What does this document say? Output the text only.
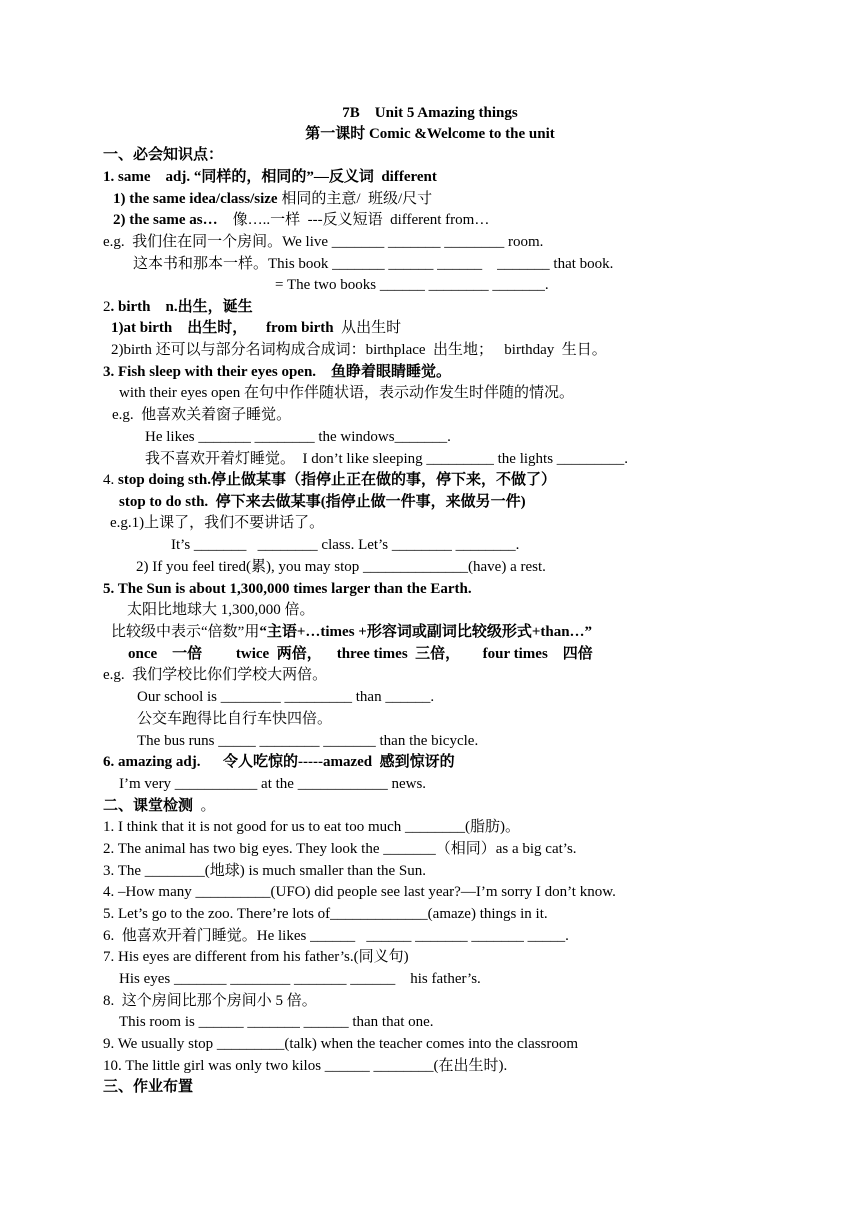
7B    Unit 5 Amazing things
第一课时 Comic &Welcome to the unit
一、必会知识点：
1. same    adj. “同样的，相同的”—反义词  different
1) the same idea/class/size 相同的主意/  班级/尺寸
2) the same as…    像…..一样  ---反义短语  different from…
e.g.  我们住在同一个房间。We live _______ _______ ________ room.
这本书和那本一样。This book _______ ______ ______    _______ that book.
= The two books ______ ________ _______.
2. birth    n.出生，诞生
1)at birth    出生时，     from birth  从出生时
2)birth 还可以与部分名词构成合成词：birthplace  出生地；   birthday  生日。
3. Fish sleep with their eyes open.    鱼睁着眼睛睡觉。
with their eyes open 在句中作伴随状语，表示动作发生时伴随的情况。
e.g.  他喜欢关着窗子睡觉。
He likes _______ ________ the windows_______.
我不喜欢开着灯睡觉。  I don’t like sleeping _________ the lights _________.
4. stop doing sth.停止做某事（指停止正在做的事，停下来，不做了）
stop to do sth.  停下来去做某事(指停止做一件事，来做另一件)
e.g.1)上课了，我们不要讲话了。
It’s _______   ________ class. Let’s ________ ________.
2) If you feel tired(累), you may stop ______________(have) a rest.
5. The Sun is about 1,300,000 times larger than the Earth.
太阳比地球大 1,300,000 倍。
比较级中表示“倍数”用“主语+…times +形容词或副词比较级形式+than…”
once    一倍         twice  两倍，    three times  三倍，      four times    四倍
e.g.  我们学校比你们学校大两倍。
Our school is ________ _________ than ______.
公交车跑得比自行车快四倍。
The bus runs _____ ________ _______ than the bicycle.
6. amazing adj.      令人吃惊的-----amazed  感到惊讶的
I’m very ___________ at the ____________ news.
二、课堂检测  。
1. I think that it is not good for us to eat too much ________(脂肪)。
2. The animal has two big eyes. They look the _______（相同）as a big cat’s.
3. The ________(地球) is much smaller than the Sun.
4. –How many __________(UFO) did people see last year?—I’m sorry I don’t know.
5. Let’s go to the zoo. There’re lots of_____________(amaze) things in it.
6.  他喜欢开着门睡觉。He likes ______   ______ _______ _______ _____.
7. His eyes are different from his father’s.(同义句)
His eyes _______ ________ _______ ______    his father’s.
8.  这个房间比那个房间小 5 倍。
This room is ______ _______ ______ than that one.
9. We usually stop _________(talk) when the teacher comes into the classroom
10. The little girl was only two kilos ______ ________(在出生时).
三、作业布置
